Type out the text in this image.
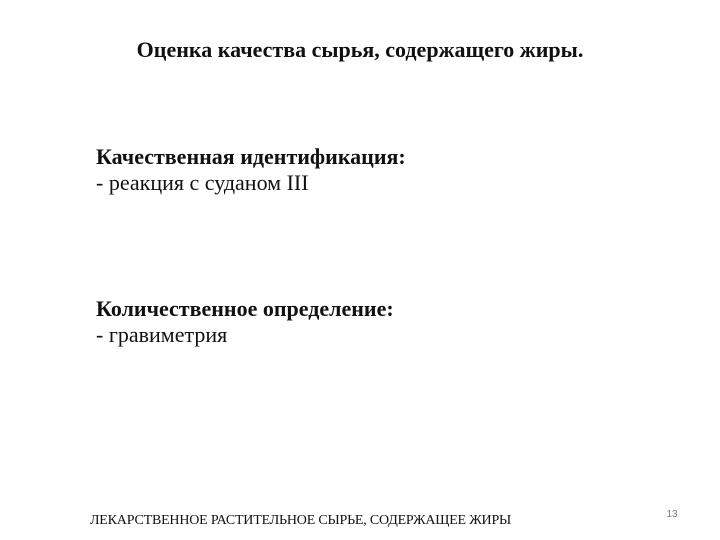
Оценка качества сырья, содержащего жиры.
Качественная идентификация:
- реакция с суданом III
Количественное определение:
- гравиметрия
ЛЕКАРСТВЕННОЕ РАСТИТЕЛЬНОЕ СЫРЬЕ, СОДЕРЖАЩЕЕ ЖИРЫ	13
